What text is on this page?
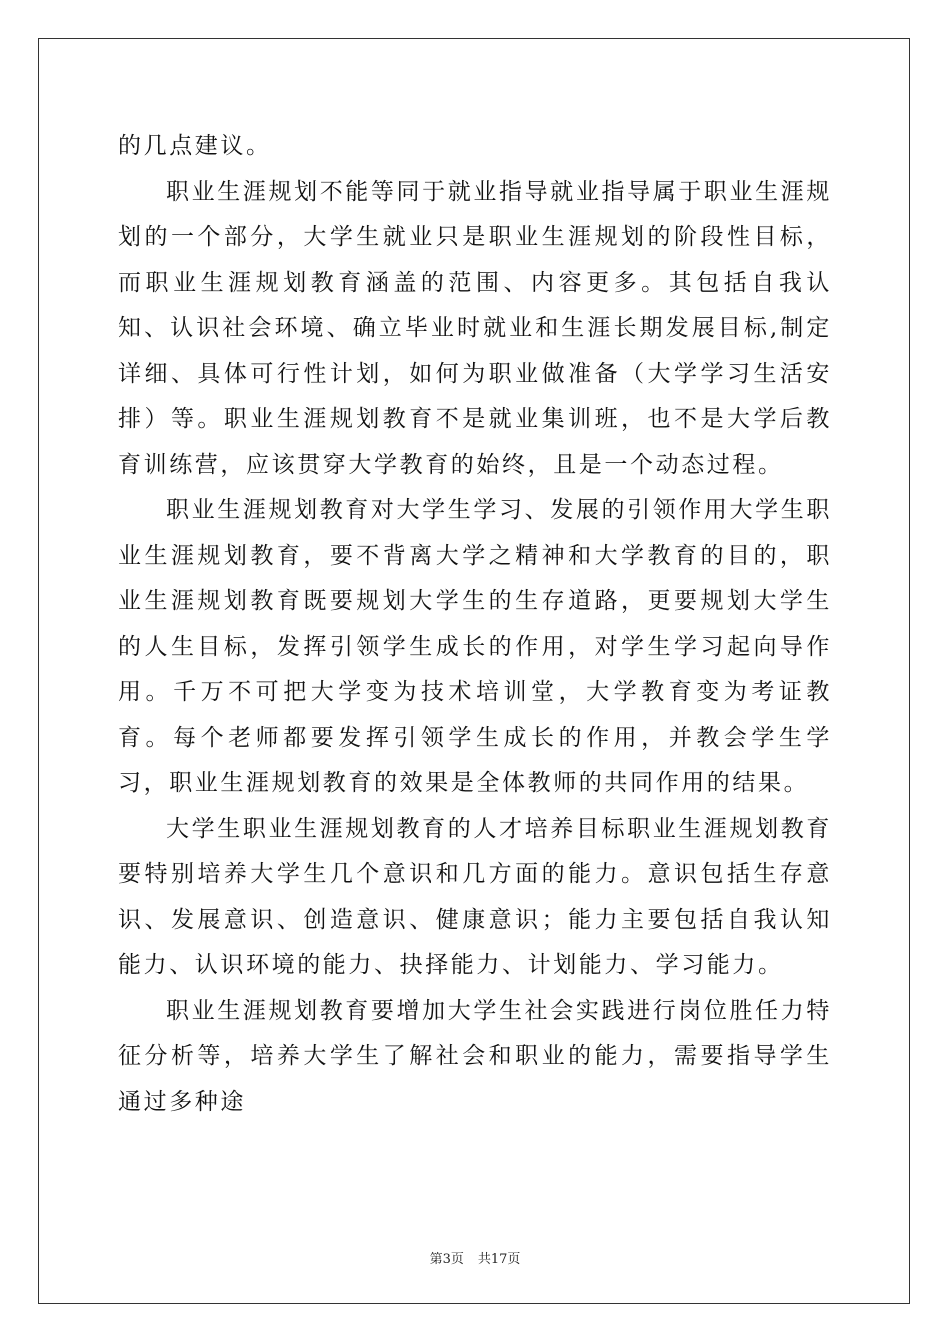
的几点建议。

职业生涯规划不能等同于就业指导就业指导属于职业生涯规划的一个部分，大学生就业只是职业生涯规划的阶段性目标，而职业生涯规划教育涵盖的范围、内容更多。其包括自我认知、认识社会环境、确立毕业时就业和生涯长期发展目标,制定详细、具体可行性计划，如何为职业做准备（大学学习生活安排）等。职业生涯规划教育不是就业集训班，也不是大学后教育训练营，应该贯穿大学教育的始终，且是一个动态过程。

职业生涯规划教育对大学生学习、发展的引领作用大学生职业生涯规划教育，要不背离大学之精神和大学教育的目的，职业生涯规划教育既要规划大学生的生存道路，更要规划大学生的人生目标，发挥引领学生成长的作用，对学生学习起向导作用。千万不可把大学变为技术培训堂，大学教育变为考证教育。每个老师都要发挥引领学生成长的作用，并教会学生学习，职业生涯规划教育的效果是全体教师的共同作用的结果。

大学生职业生涯规划教育的人才培养目标职业生涯规划教育要特别培养大学生几个意识和几方面的能力。意识包括生存意识、发展意识、创造意识、健康意识；能力主要包括自我认知能力、认识环境的能力、抉择能力、计划能力、学习能力。

职业生涯规划教育要增加大学生社会实践进行岗位胜任力特征分析等，培养大学生了解社会和职业的能力，需要指导学生通过多种途

第3页 共17页
